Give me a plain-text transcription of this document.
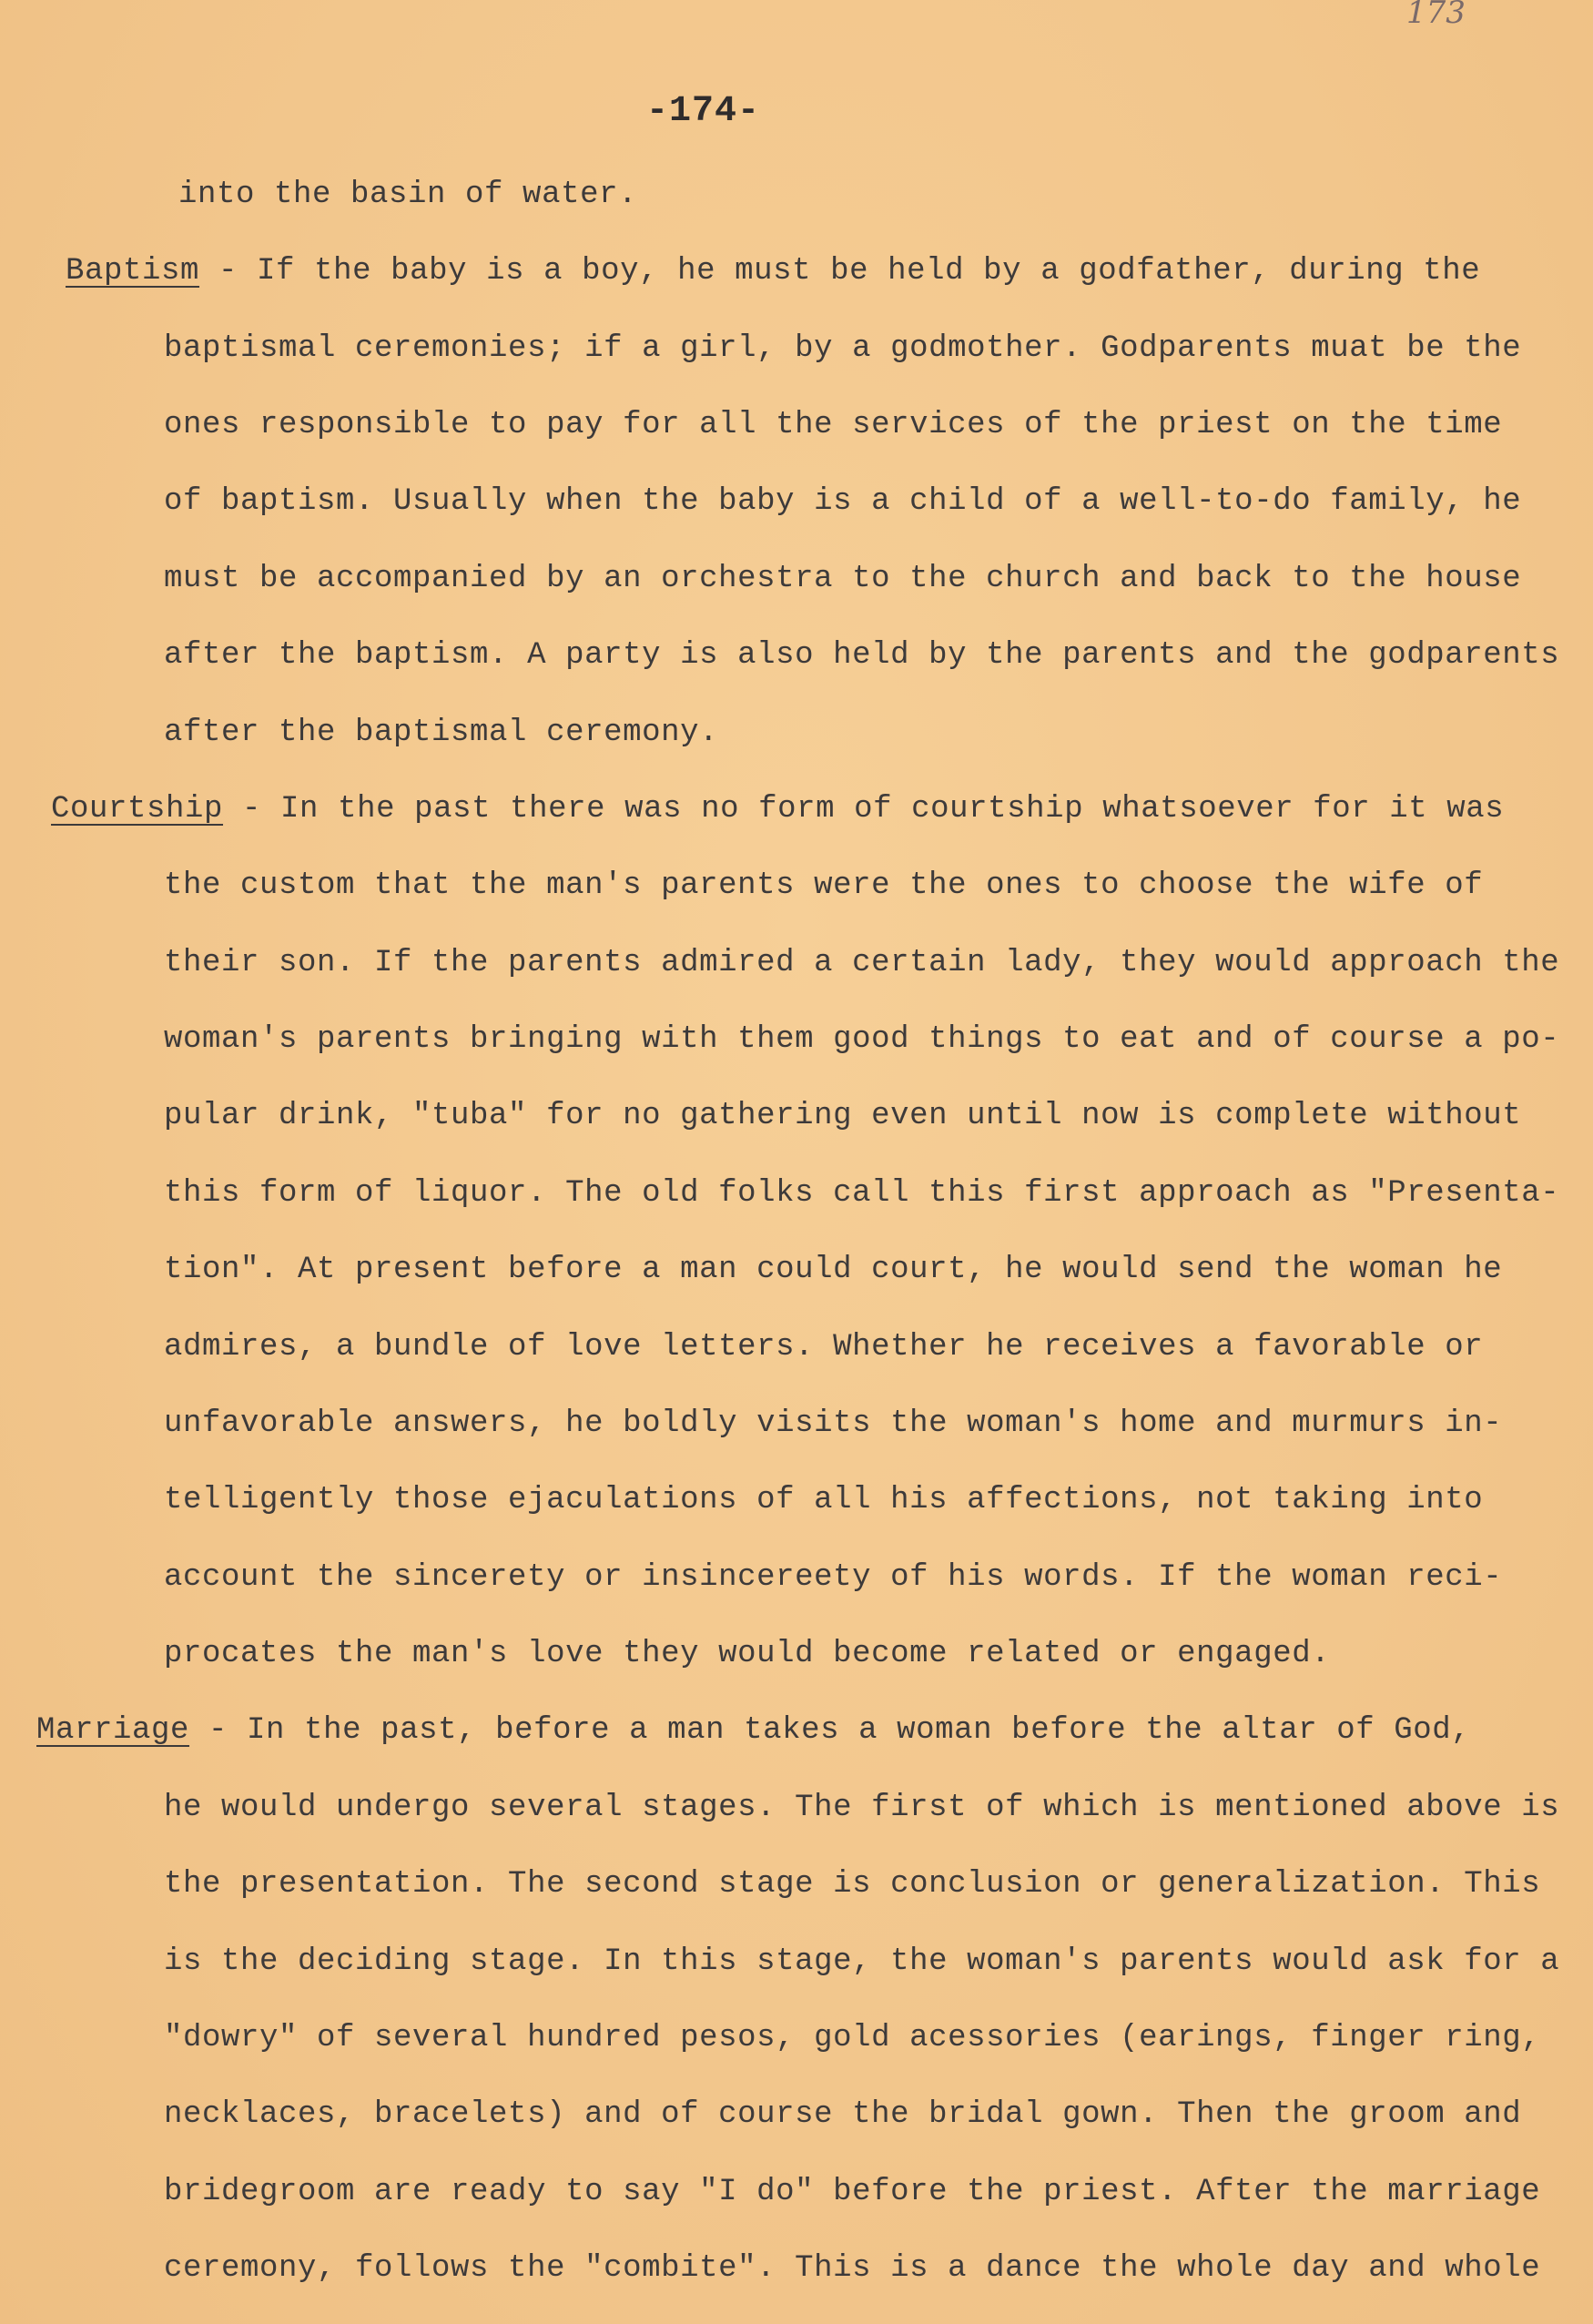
173
-174-
into the basin of water.
Baptism - If the baby is a boy, he must be held by a godfather, during the
baptismal ceremonies; if a girl, by a godmother. Godparents muat be the
ones responsible to pay for all the services of the priest on the time
of baptism. Usually when the baby is a child of a well-to-do family, he
must be accompanied by an orchestra to the church and back to the house
after the baptism. A party is also held by the parents and the godparents
after the baptismal ceremony.
Courtship - In the past there was no form of courtship whatsoever for it was
the custom that the man's parents were the ones to choose the wife of
their son. If the parents admired a certain lady, they would approach the
woman's parents bringing with them good things to eat and of course a po-
pular drink, "tuba" for no gathering even until now is complete without
this form of liquor. The old folks call this first approach as "Presenta-
tion". At present before a man could court, he would send the woman he
admires, a bundle of love letters. Whether he receives a favorable or
unfavorable answers, he boldly visits the woman's home and murmurs in-
telligently those ejaculations of all his affections, not taking into
account the sincerety or insincereety of his words. If the woman reci-
procates the man's love they would become related or engaged.
Marriage - In the past, before a man takes a woman before the altar of God,
he would undergo several stages. The first of which is mentioned above is
the presentation. The second stage is conclusion or generalization. This
is the deciding stage. In this stage, the woman's parents would ask for a
"dowry" of several hundred pesos, gold acessories (earings, finger ring,
necklaces, bracelets) and of course the bridal gown. Then the groom and
bridegroom are ready to say "I do" before the priest. After the marriage
ceremony, follows the "combite". This is a dance the whole day and whole
